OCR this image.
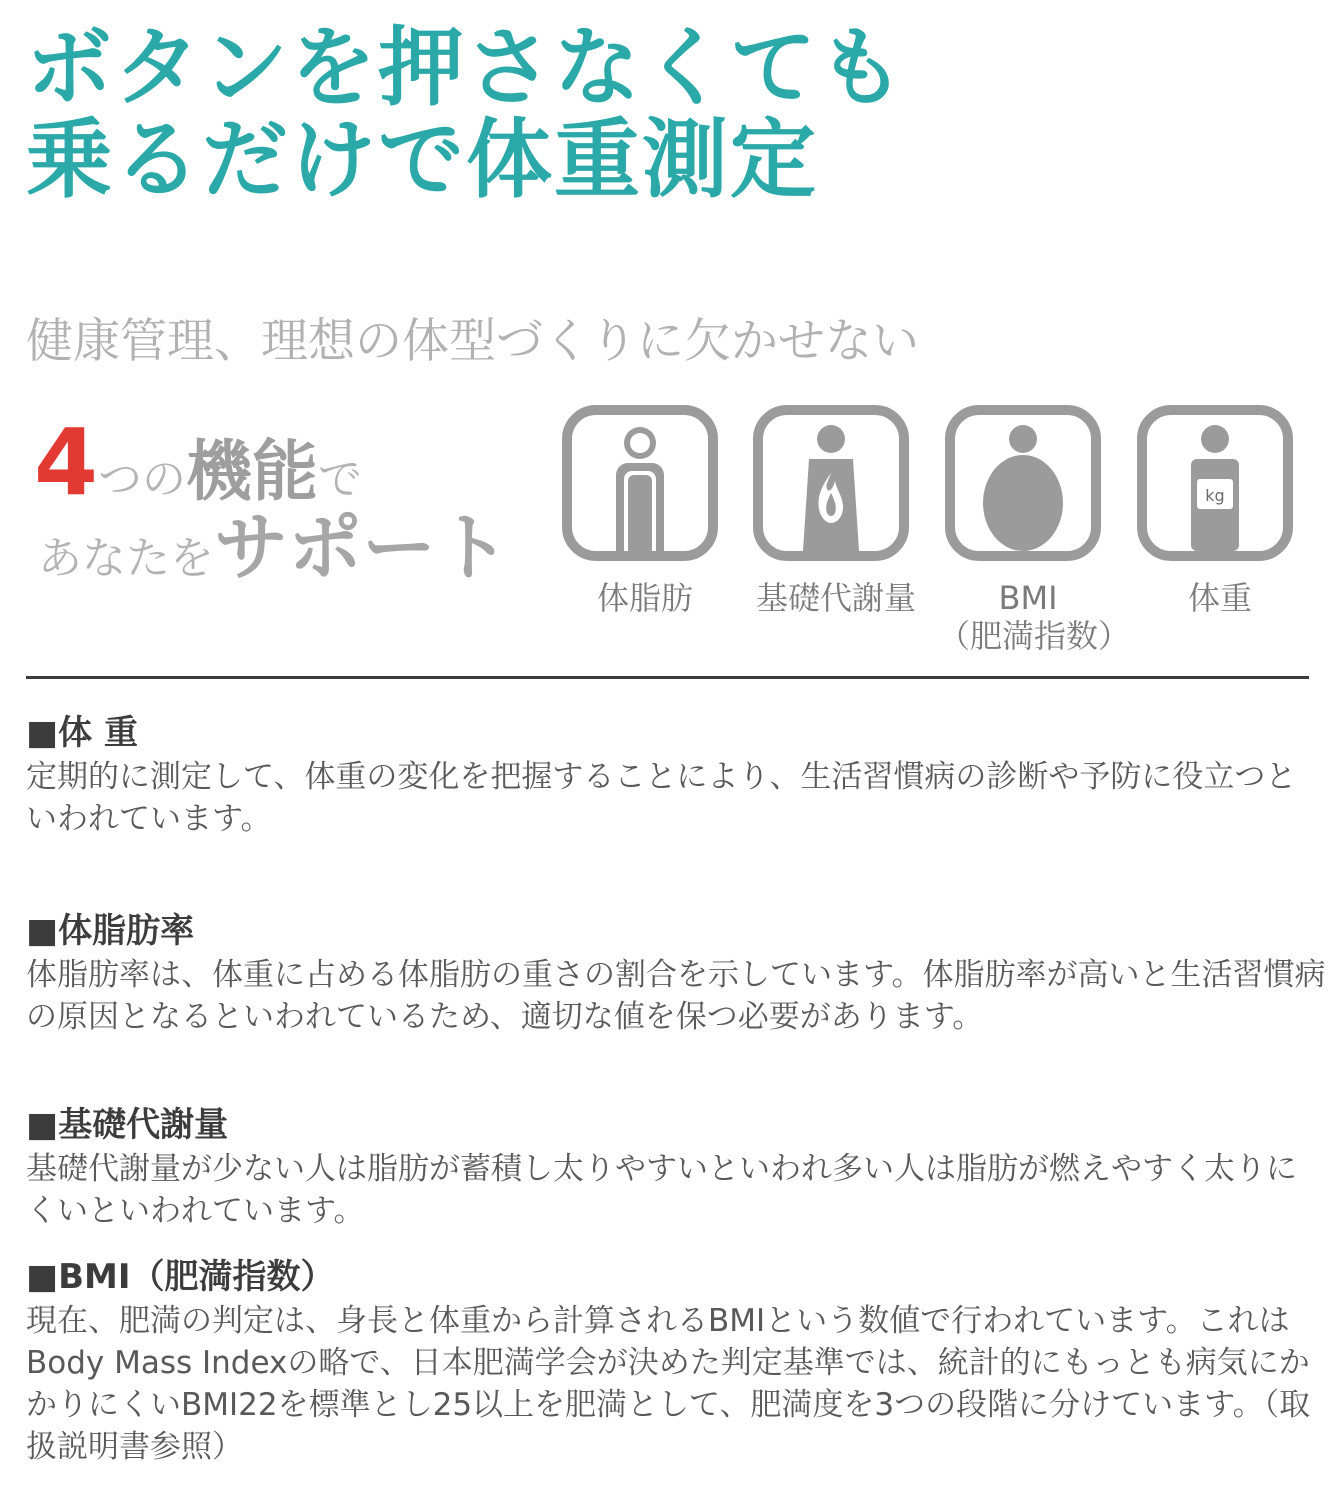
ボタンを押さなくても
乗るだけで体重測定
健康管理、理想の体型づくりに欠かせない
4つの機能で
あなたをサポート
体脂肪	基礎代謝量	BMI
（肥満指数）
kg
体重
■体 重
定期的に測定して、体重の変化を把握することにより、生活習慣病の診断や予防に役立つといわれています。
■体脂肪率
体脂肪率は、体重に占める体脂肪の重さの割合を示しています。体脂肪率が高いと生活習慣病の原因となるといわれているため、適切な値を保つ必要があります。
■基礎代謝量
基礎代謝量が少ない人は脂肪が蓄積し太りやすいといわれ多い人は脂肪が燃えやすく太りにくいといわれています。
■BMI（肥満指数）
現在、肥満の判定は、身長と体重から計算されるBMIという数値で行われています。これはBody Mass Indexの略で、日本肥満学会が決めた判定基準では、統計的にもっとも病気にかかりにくいBMI22を標準とし25以上を肥満として、肥満度を3つの段階に分けています。（取扱説明書参照）
